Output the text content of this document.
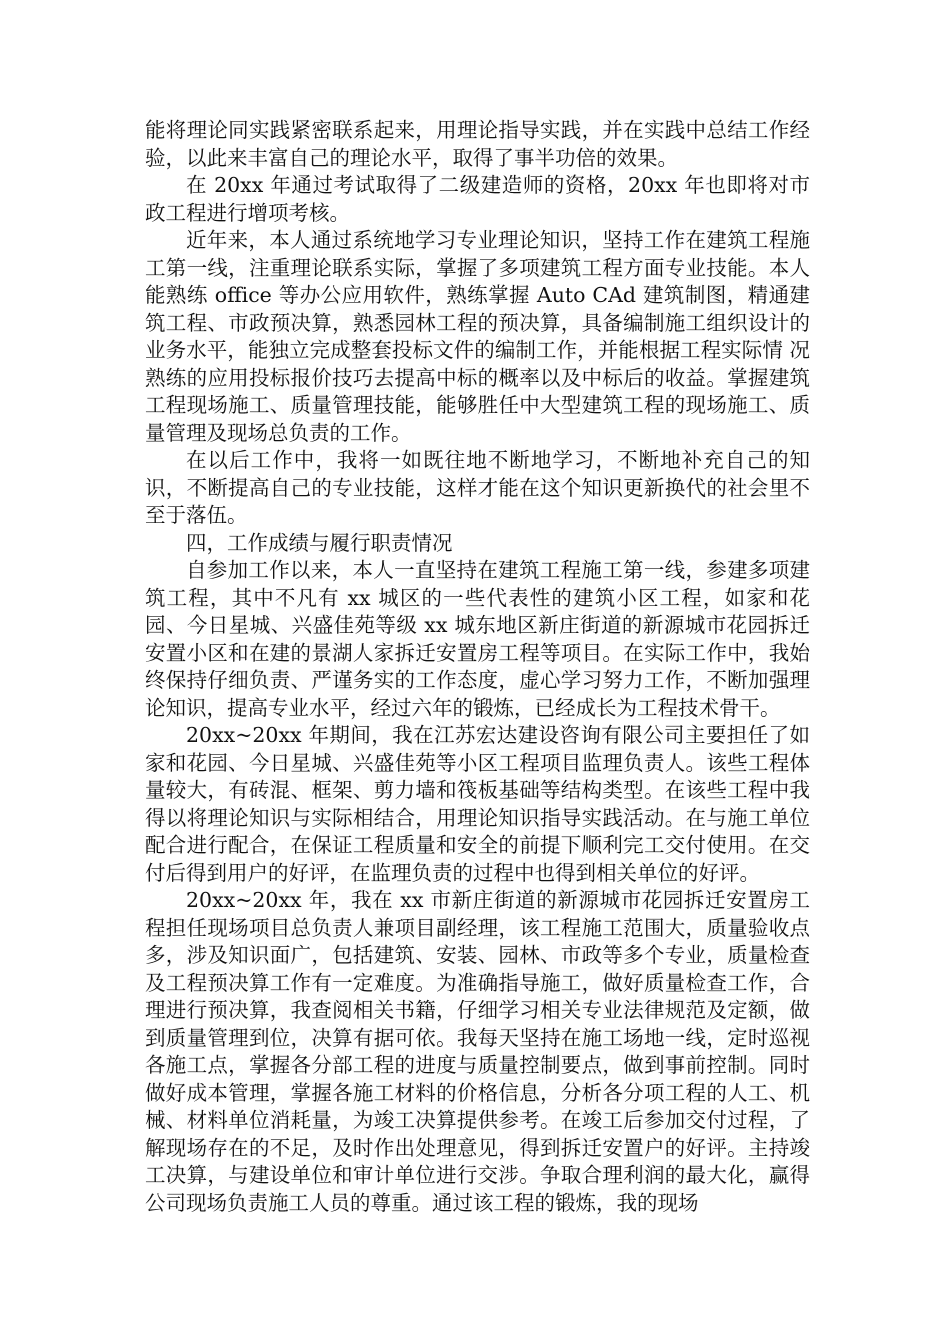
能将理论同实践紧密联系起来，用理论指导实践，并在实践中总结工作经验，以此来丰富自己的理论水平，取得了事半功倍的效果。

在 20xx 年通过考试取得了二级建造师的资格，20xx 年也即将对市政工程进行增项考核。

近年来，本人通过系统地学习专业理论知识，坚持工作在建筑工程施工第一线，注重理论联系实际，掌握了多项建筑工程方面专业技能。本人能熟练 office 等办公应用软件，熟练掌握 Auto CAd 建筑制图，精通建筑工程、市政预决算，熟悉园林工程的预决算，具备编制施工组织设计的业务水平，能独立完成整套投标文件的编制工作，并能根据工程实际情 况熟练的应用投标报价技巧去提高中标的概率以及中标后的收益。掌握建筑工程现场施工、质量管理技能，能够胜任中大型建筑工程的现场施工、质量管理及现场总负责的工作。

在以后工作中，我将一如既往地不断地学习，不断地补充自己的知识，不断提高自己的专业技能，这样才能在这个知识更新换代的社会里不至于落伍。

四，工作成绩与履行职责情况

自参加工作以来，本人一直坚持在建筑工程施工第一线，参建多项建筑工程，其中不凡有 xx 城区的一些代表性的建筑小区工程，如家和花园、今日星城、兴盛佳苑等级 xx 城东地区新庄街道的新源城市花园拆迁安置小区和在建的景湖人家拆迁安置房工程等项目。在实际工作中，我始终保持仔细负责、严谨务实的工作态度，虚心学习努力工作，不断加强理论知识，提高专业水平，经过六年的锻炼，已经成长为工程技术骨干。

20xx~20xx 年期间，我在江苏宏达建设咨询有限公司主要担任了如家和花园、今日星城、兴盛佳苑等小区工程项目监理负责人。该些工程体量较大，有砖混、框架、剪力墙和筏板基础等结构类型。在该些工程中我得以将理论知识与实际相结合，用理论知识指导实践活动。在与施工单位配合进行配合，在保证工程质量和安全的前提下顺利完工交付使用。在交付后得到用户的好评，在监理负责的过程中也得到相关单位的好评。

20xx~20xx 年，我在 xx 市新庄街道的新源城市花园拆迁安置房工程担任现场项目总负责人兼项目副经理，该工程施工范围大，质量验收点多，涉及知识面广，包括建筑、安装、园林、市政等多个专业，质量检查及工程预决算工作有一定难度。为准确指导施工，做好质量检查工作，合理进行预决算，我查阅相关书籍，仔细学习相关专业法律规范及定额，做到质量管理到位，决算有据可依。我每天坚持在施工场地一线，定时巡视各施工点，掌握各分部工程的进度与质量控制要点，做到事前控制。同时做好成本管理，掌握各施工材料的价格信息，分析各分项工程的人工、机械、材料单位消耗量，为竣工决算提供参考。在竣工后参加交付过程，了解现场存在的不足，及时作出处理意见，得到拆迁安置户的好评。主持竣工决算，与建设单位和审计单位进行交涉。争取合理利润的最大化，赢得公司现场负责施工人员的尊重。通过该工程的锻炼，我的现场
